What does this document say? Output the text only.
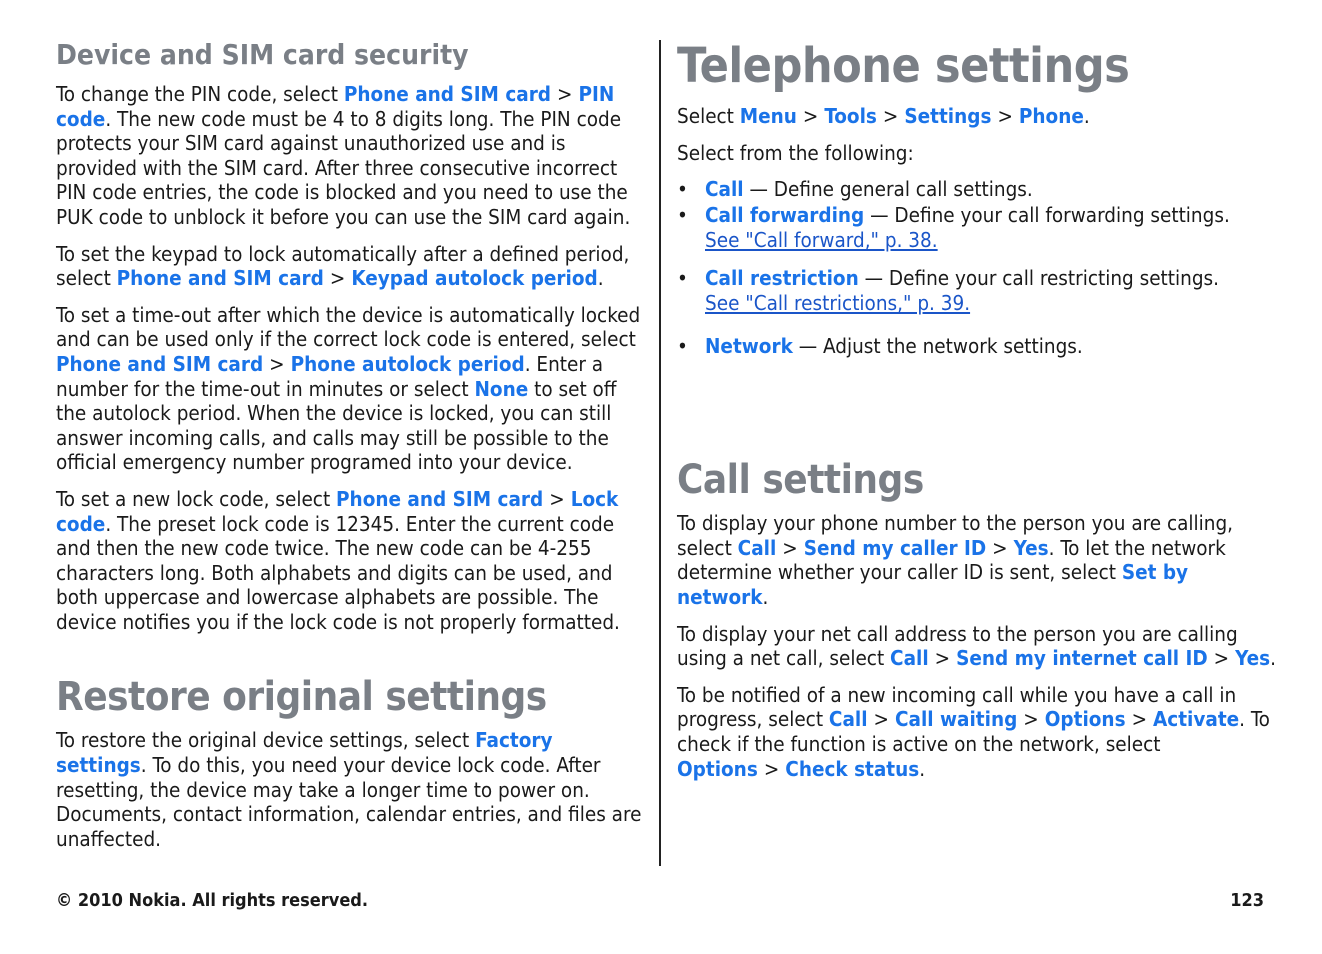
Device and SIM card security

To change the PIN code, select Phone and SIM card > PIN code. The new code must be 4 to 8 digits long. The PIN code protects your SIM card against unauthorized use and is provided with the SIM card. After three consecutive incorrect PIN code entries, the code is blocked and you need to use the PUK code to unblock it before you can use the SIM card again.

To set the keypad to lock automatically after a defined period, select Phone and SIM card > Keypad autolock period.

To set a time-out after which the device is automatically locked and can be used only if the correct lock code is entered, select Phone and SIM card > Phone autolock period. Enter a number for the time-out in minutes or select None to set off the autolock period. When the device is locked, you can still answer incoming calls, and calls may still be possible to the official emergency number programed into your device.

To set a new lock code, select Phone and SIM card > Lock code. The preset lock code is 12345. Enter the current code and then the new code twice. The new code can be 4-255 characters long. Both alphabets and digits can be used, and both uppercase and lowercase alphabets are possible. The device notifies you if the lock code is not properly formatted.

Restore original settings

To restore the original device settings, select Factory settings. To do this, you need your device lock code. After resetting, the device may take a longer time to power on. Documents, contact information, calendar entries, and files are unaffected.

Telephone settings

Select Menu > Tools > Settings > Phone.

Select from the following:

• Call — Define general call settings.
• Call forwarding — Define your call forwarding settings.
See "Call forward," p. 38.
• Call restriction — Define your call restricting settings.
See "Call restrictions," p. 39.
• Network — Adjust the network settings.
Call settings

To display your phone number to the person you are calling, select Call > Send my caller ID > Yes. To let the network determine whether your caller ID is sent, select Set by network.

To display your net call address to the person you are calling using a net call, select Call > Send my internet call ID > Yes.

To be notified of a new incoming call while you have a call in progress, select Call > Call waiting > Options > Activate. To check if the function is active on the network, select Options > Check status.

© 2010 Nokia. All rights reserved.	123
